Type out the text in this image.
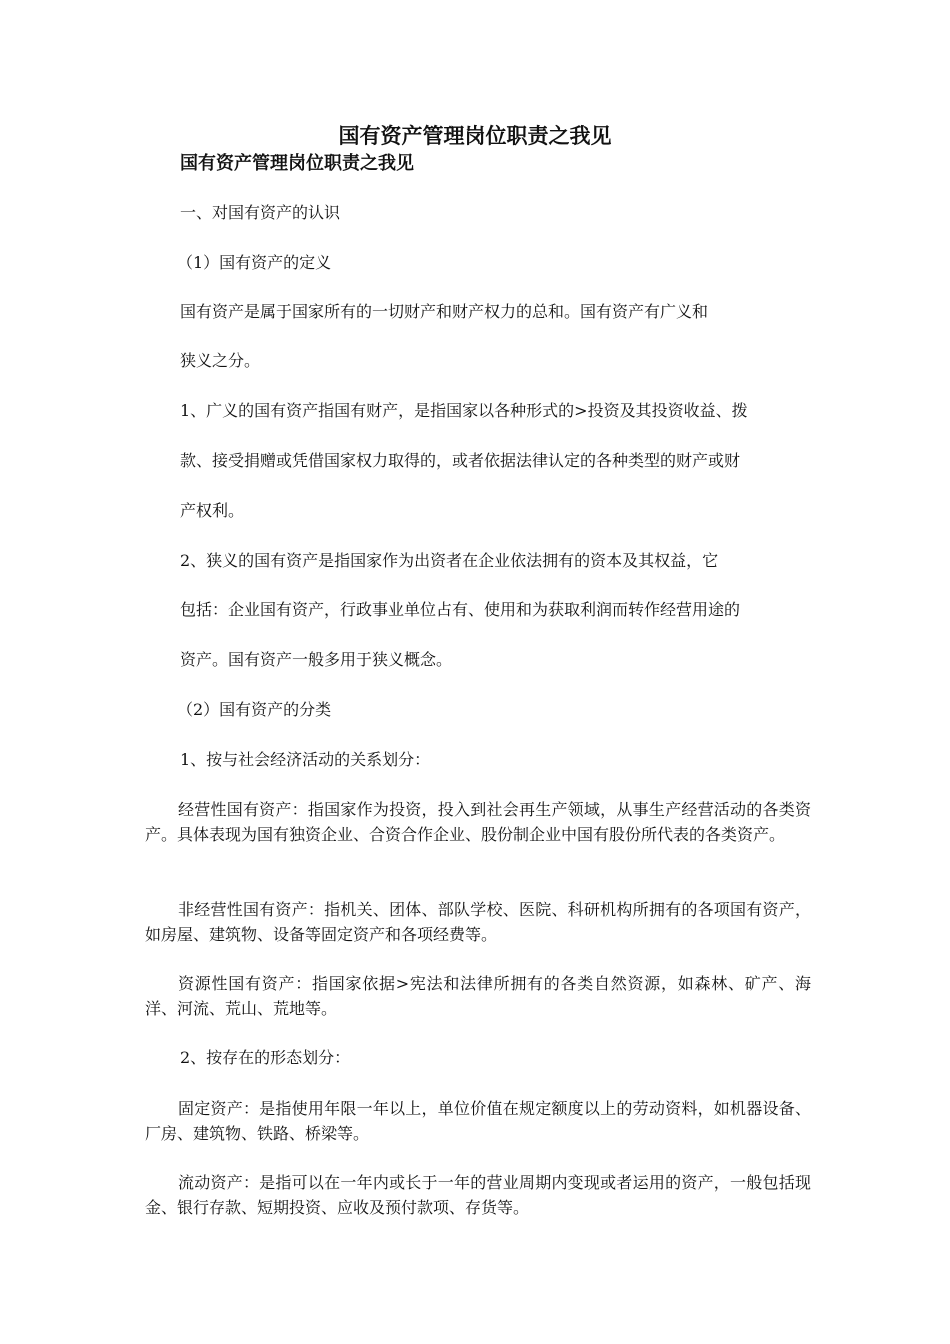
国有资产管理岗位职责之我见
国有资产管理岗位职责之我见

一、对国有资产的认识

（1）国有资产的定义

国有资产是属于国家所有的一切财产和财产权力的总和。国有资产有广义和

狭义之分。

1、广义的国有资产指国有财产，是指国家以各种形式的>投资及其投资收益、拨

款、接受捐赠或凭借国家权力取得的，或者依据法律认定的各种类型的财产或财

产权利。

2、狭义的国有资产是指国家作为出资者在企业依法拥有的资本及其权益，它

包括：企业国有资产，行政事业单位占有、使用和为获取利润而转作经营用途的

资产。国有资产一般多用于狭义概念。

（2）国有资产的分类

1、按与社会经济活动的关系划分：

经营性国有资产：指国家作为投资，投入到社会再生产领域，从事生产经营活动的各类资产。具体表现为国有独资企业、合资合作企业、股份制企业中国有股份所代表的各类资产。

非经营性国有资产：指机关、团体、部队学校、医院、科研机构所拥有的各项国有资产，如房屋、建筑物、设备等固定资产和各项经费等。

资源性国有资产：指国家依据>宪法和法律所拥有的各类自然资源，如森林、矿产、海洋、河流、荒山、荒地等。

2、按存在的形态划分：

固定资产：是指使用年限一年以上，单位价值在规定额度以上的劳动资料，如机器设备、厂房、建筑物、铁路、桥梁等。

流动资产：是指可以在一年内或长于一年的营业周期内变现或者运用的资产，一般包括现金、银行存款、短期投资、应收及预付款项、存货等。
